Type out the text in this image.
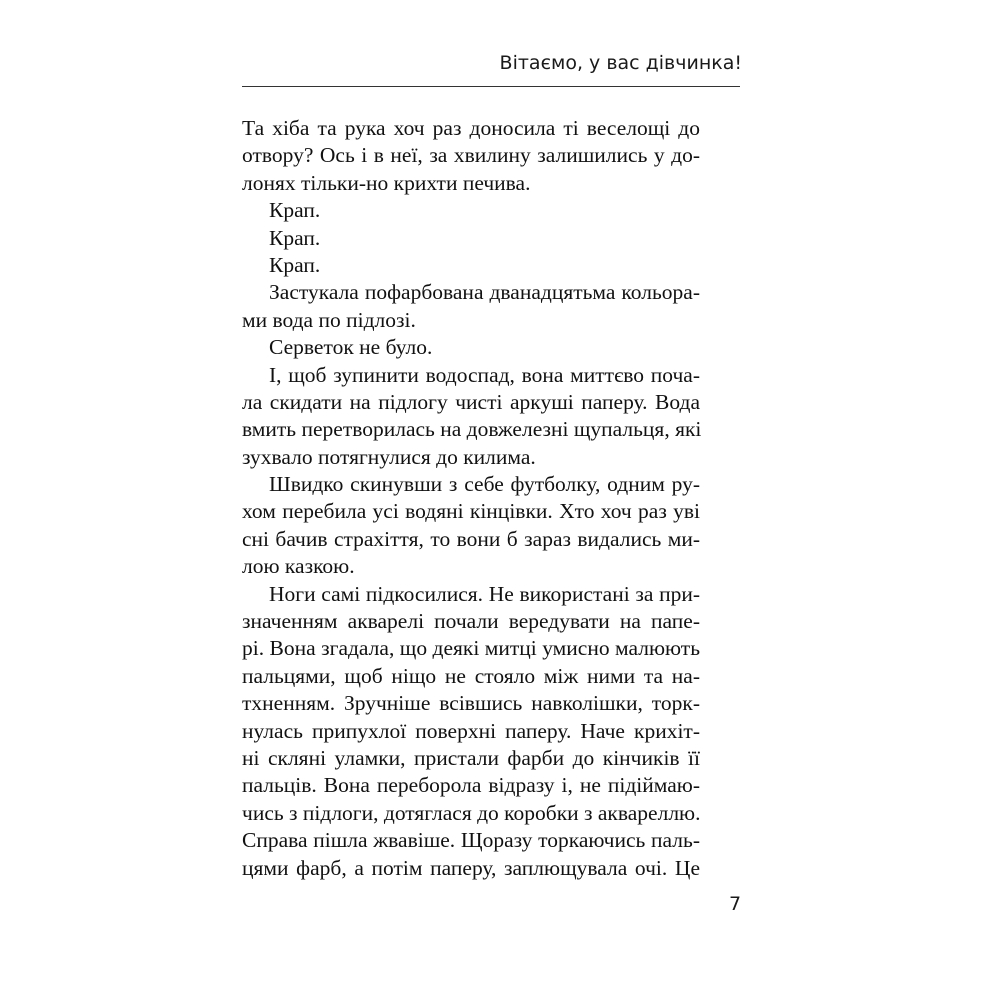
Вітаємо, у вас дівчинка!
Та хіба та рука хоч раз доносила ті веселощі до
отвору? Ось і в неї, за хвилину залишились у до-
лонях тільки-но крихти печива.
Крап.
Крап.
Крап.
Застукала пофарбована дванадцятьма кольора-
ми вода по підлозі.
Серветок не було.
І, щоб зупинити водоспад, вона миттєво поча-
ла скидати на підлогу чисті аркуші паперу. Вода
вмить перетворилась на довжелезні щупальця, які
зухвало потягнулися до килима.
Швидко скинувши з себе футболку, одним ру-
хом перебила усі водяні кінцівки. Хто хоч раз уві
сні бачив страхіття, то вони б зараз видались ми-
лою казкою.
Ноги самі підкосилися. Не використані за при-
значенням акварелі почали вередувати на папе-
рі. Вона згадала, що деякі митці умисно малюють
пальцями, щоб ніщо не стояло між ними та на-
тхненням. Зручніше всівшись навколішки, торк-
нулась припухлої поверхні паперу. Наче крихіт-
ні скляні уламки, пристали фарби до кінчиків її
пальців. Вона переборола відразу і, не підіймаю-
чись з підлоги, дотяглася до коробки з аквареллю.
Справа пішла жвавіше. Щоразу торкаючись паль-
цями фарб, а потім паперу, заплющувала очі. Це
7
